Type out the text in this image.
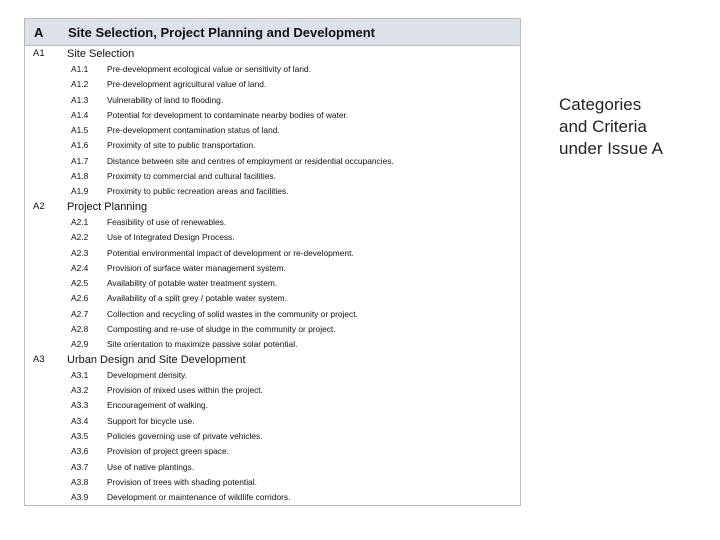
A	Site Selection, Project Planning and Development
A1	Site Selection
A1.1	Pre-development ecological value or sensitivity of land.
A1.2	Pre-development agricultural value of land.
A1.3	Vulnerability of land to flooding.
A1.4	Potential for development to contaminate nearby bodies of water.
A1.5	Pre-development contamination status of land.
A1.6	Proximity of site to public transportation.
A1.7	Distance between site and centres of employment or residential occupancies.
A1.8	Proximity to commercial and cultural facilities.
A1.9	Proximity to public recreation areas and facilities.
A2	Project Planning
A2.1	Feasibility of use of renewables.
A2.2	Use of Integrated Design Process.
A2.3	Potential environmental impact of development or re-development.
A2.4	Provision of surface water management system.
A2.5	Availability of potable water treatment system.
A2.6	Availability of a split grey / potable water system.
A2.7	Collection and recycling of solid wastes in the community or project.
A2.8	Composting and re-use of sludge in the community or project.
A2.9	Site orientation to maximize passive solar potential.
A3	Urban Design and Site Development
A3.1	Development density.
A3.2	Provision of mixed uses within the project.
A3.3	Encouragement of walking.
A3.4	Support for bicycle use.
A3.5	Policies governing use of private vehicles.
A3.6	Provision of project green space.
A3.7	Use of native plantings.
A3.8	Provision of trees with shading potential.
A3.9	Development or maintenance of wildlife corridors.
Categories
and Criteria
under Issue A
